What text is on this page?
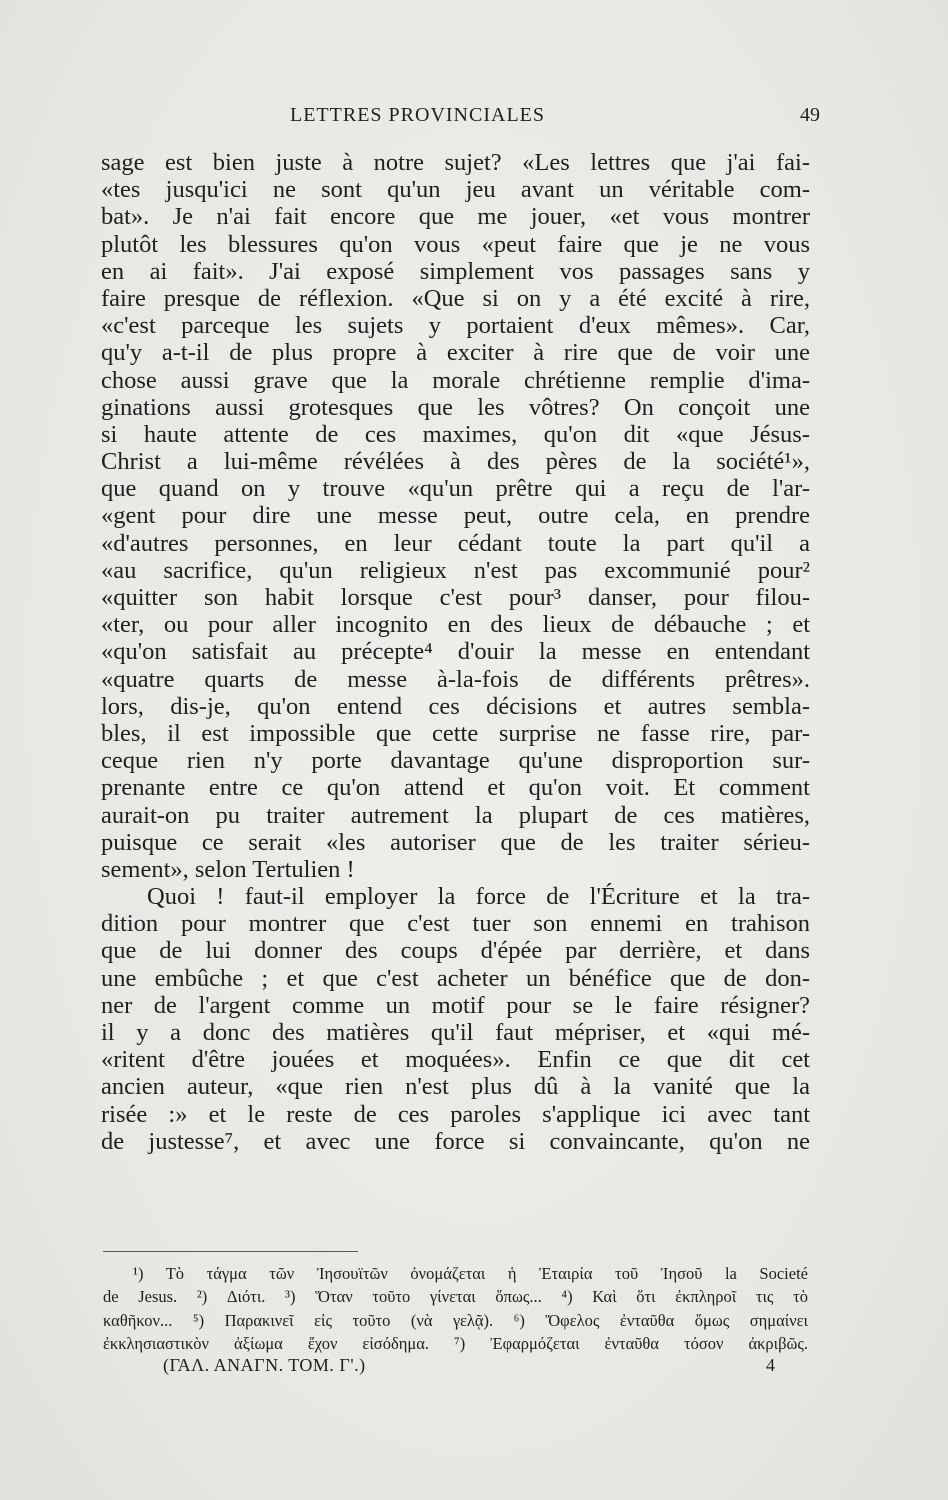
LETTRES PROVINCIALES	49
sage est bien juste à notre sujet? «Les lettres que j'ai fai-
«tes jusqu'ici ne sont qu'un jeu avant un véritable com-
bat». Je n'ai fait encore que me jouer, «et vous montrer
plutôt les blessures qu'on vous «peut faire que je ne vous
en ai fait». J'ai exposé simplement vos passages sans y
faire presque de réflexion. «Que si on y a été excité à rire,
«c'est parceque les sujets y portaient d'eux mêmes». Car,
qu'y a-t-il de plus propre à exciter à rire que de voir une
chose aussi grave que la morale chrétienne remplie d'ima-
ginations aussi grotesques que les vôtres? On conçoit une
si haute attente de ces maximes, qu'on dit «que Jésus-
Christ a lui-même révélées à des pères de la société¹»,
que quand on y trouve «qu'un prêtre qui a reçu de l'ar-
«gent pour dire une messe peut, outre cela, en prendre
«d'autres personnes, en leur cédant toute la part qu'il a
«au sacrifice, qu'un religieux n'est pas excommunié pour²
«quitter son habit lorsque c'est pour³ danser, pour filou-
«ter, ou pour aller incognito en des lieux de débauche ; et
«qu'on satisfait au précepte⁴ d'ouir la messe en entendant
«quatre quarts de messe à-la-fois de différents prêtres».
lors, dis-je, qu'on entend ces décisions et autres sembla-
bles, il est impossible que cette surprise ne fasse rire, par-
ceque rien n'y porte davantage qu'une disproportion sur-
prenante entre ce qu'on attend et qu'on voit. Et comment
aurait-on pu traiter autrement la plupart de ces matières,
puisque ce serait «les autoriser que de les traiter sérieu-
sement», selon Tertulien !
Quoi ! faut-il employer la force de l'Écriture et la tra-
dition pour montrer que c'est tuer son ennemi en trahison
que de lui donner des coups d'épée par derrière, et dans
une embûche ; et que c'est acheter un bénéfice que de don-
ner de l'argent comme un motif pour se le faire résigner?
il y a donc des matières qu'il faut mépriser, et «qui mé-
«ritent d'être jouées et moquées». Enfin ce que dit cet
ancien auteur, «que rien n'est plus dû à la vanité que la
risée :» et le reste de ces paroles s'applique ici avec tant
de justesse⁷, et avec une force si convaincante, qu'on ne
¹) Τὸ τάγμα τῶν Ἰησουϊτῶν ὀνομάζεται ἡ Ἑταιρία τοῦ Ἰησοῦ la Societé
de Jesus. ²) Διότι. ³) Ὅταν τοῦτο γίνεται ὅπως... ⁴) Καὶ ὅτι ἐκπληροῖ τις τὸ
καθῆκον... ⁵) Παρακινεῖ εἰς τοῦτο (νὰ γελᾷ). ⁶) Ὄφελος ἐνταῦθα ὅμως σημαίνει
ἐκκλησιαστικὸν ἀξίωμα ἔχον εἰσόδημα. ⁷) Ἐφαρμόζεται ἐνταῦθα τόσον ἀκριβῶς.
(ΓΑΛ. ΑΝΑΓΝ. ΤΟΜ. Γ'.)	4
